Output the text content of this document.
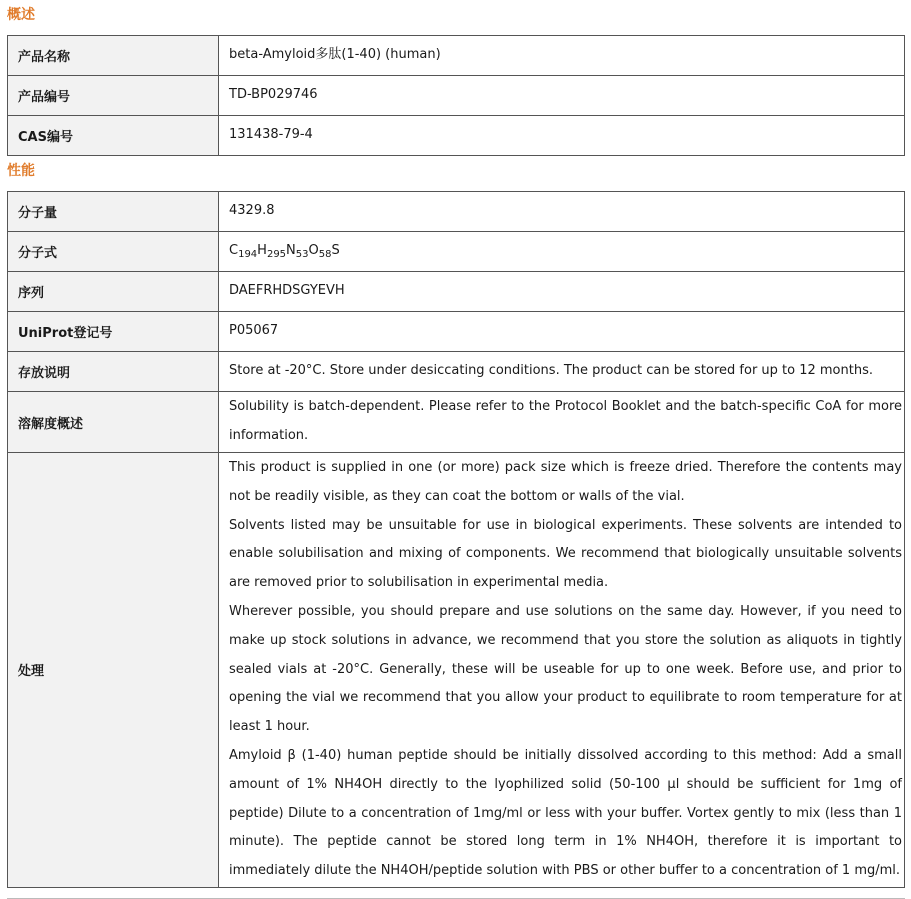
概述
产品名称	beta-Amyloid多肽(1-40) (human)
产品编号	TD-BP029746
CAS编号	131438-79-4
性能
分子量	4329.8
分子式	$C_{194}H_{295}N_{53}O_{58}S$
序列	DAEFRHDSGYEVH
UniProt登记号	P05067
存放说明	Store at -20°C. Store under desiccating conditions. The product can be stored for up to 12 months.
溶解度概述	Solubility is batch-dependent. Please refer to the Protocol Booklet and the batch-specific CoA for more information.
处理	This product is supplied in one (or more) pack size which is freeze dried. Therefore the contents may not be readily visible, as they can coat the bottom or walls of the vial.
Solvents listed may be unsuitable for use in biological experiments. These solvents are intended to enable solubilisation and mixing of components. We recommend that biologically unsuitable solvents are removed prior to solubilisation in experimental media.
Wherever possible, you should prepare and use solutions on the same day. However, if you need to make up stock solutions in advance, we recommend that you store the solution as aliquots in tightly sealed vials at -20°C. Generally, these will be useable for up to one week. Before use, and prior to opening the vial we recommend that you allow your product to equilibrate to room temperature for at least 1 hour.
Amyloid β (1-40) human peptide should be initially dissolved according to this method: Add a small amount of 1% NH4OH directly to the lyophilized solid (50-100 µl should be sufficient for 1mg of peptide) Dilute to a concentration of 1mg/ml or less with your buffer. Vortex gently to mix (less than 1 minute). The peptide cannot be stored long term in 1% NH4OH, therefore it is important to immediately dilute the NH4OH/peptide solution with PBS or other buffer to a concentration of 1 mg/ml.
